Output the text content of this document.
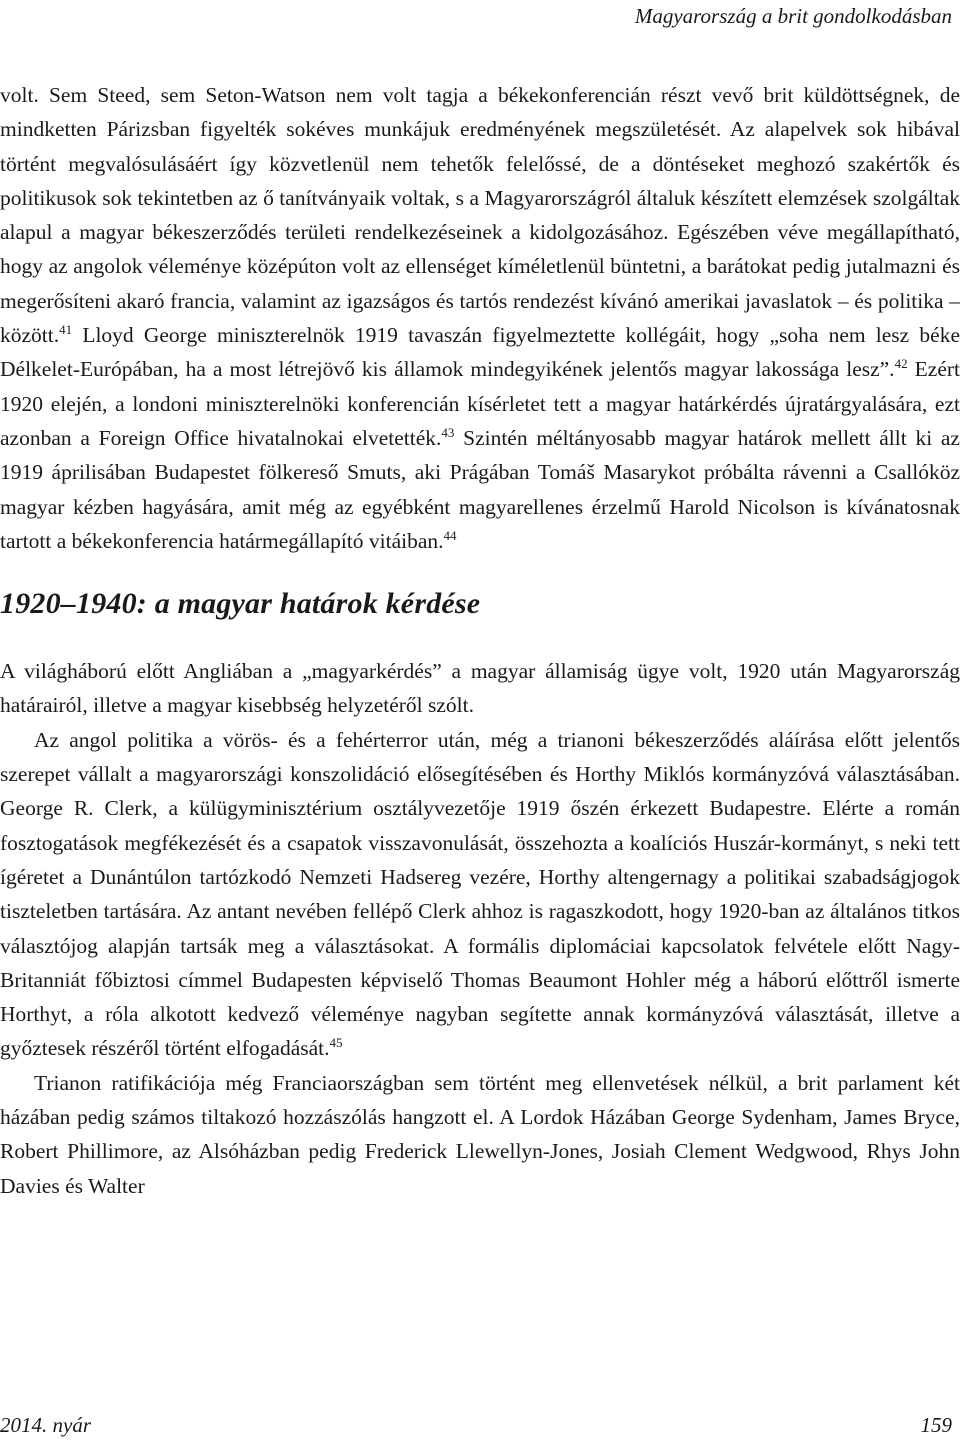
Magyarország a brit gondolkodásban

volt. Sem Steed, sem Seton-Watson nem volt tagja a békekonferencián részt vevő brit küldöttségnek, de mindketten Párizsban figyelték sokéves munkájuk eredményének megszületését. Az alapelvek sok hibával történt megvalósulásáért így közvetlenül nem tehetők felelőssé, de a döntéseket meghozó szakértők és politikusok sok tekintetben az ő tanítványaik voltak, s a Magyarországról általuk készített elemzések szolgáltak alapul a magyar békeszerződés területi rendelkezéseinek a kidolgozásához. Egészében véve megállapítható, hogy az angolok véleménye középúton volt az ellenséget kíméletlenül büntetni, a barátokat pedig jutalmazni és megerősíteni akaró francia, valamint az igazságos és tartós rendezést kívánó amerikai javaslatok – és politika – között.$^{41}$ Lloyd George miniszterelnök 1919 tavaszán figyelmeztette kollégáit, hogy „soha nem lesz béke Délkelet-Európában, ha a most létrejövő kis államok mindegyikének jelentős magyar lakossága lesz”.$^{42}$ Ezért 1920 elején, a londoni miniszterelnöki konferencián kísérletet tett a magyar határkérdés újratárgyalására, ezt azonban a Foreign Office hivatalnokai elvetették.$^{43}$ Szintén méltányosabb magyar határok mellett állt ki az 1919 áprilisában Budapestet fölkereső Smuts, aki Prágában Tomáš Masarykot próbálta rávenni a Csallóköz magyar kézben hagyására, amit még az egyébként magyarellenes érzelmű Harold Nicolson is kívánatosnak tartott a békekonferencia határmegállapító vitáiban.$^{44}$

1920–1940: a magyar határok kérdése

A világháború előtt Angliában a „magyarkérdés” a magyar államiság ügye volt, 1920 után Magyarország határairól, illetve a magyar kisebbség helyzetéről szólt.

Az angol politika a vörös- és a fehérterror után, még a trianoni békeszerződés aláírása előtt jelentős szerepet vállalt a magyarországi konszolidáció elősegítésében és Horthy Miklós kormányzóvá választásában. George R. Clerk, a külügyminisztérium osztályvezetője 1919 őszén érkezett Budapestre. Elérte a román fosztogatások megfékezését és a csapatok visszavonulását, összehozta a koalíciós Huszár-kormányt, s neki tett ígéretet a Dunántúlon tartózkodó Nemzeti Hadsereg vezére, Horthy altengernagy a politikai szabadságjogok tiszteletben tartására. Az antant nevében fellépő Clerk ahhoz is ragaszkodott, hogy 1920-ban az általános titkos választójog alapján tartsák meg a választásokat. A formális diplomáciai kapcsolatok felvétele előtt Nagy-Britanniát főbiztosi címmel Budapesten képviselő Thomas Beaumont Hohler még a háború előttről ismerte Horthyt, a róla alkotott kedvező véleménye nagyban segítette annak kormányzóvá választását, illetve a győztesek részéről történt elfogadását.$^{45}$

Trianon ratifikációja még Franciaországban sem történt meg ellenvetések nélkül, a brit parlament két házában pedig számos tiltakozó hozzászólás hangzott el. A Lordok Házában George Sydenham, James Bryce, Robert Phillimore, az Alsóházban pedig Frederick Llewellyn-Jones, Josiah Clement Wedgwood, Rhys John Davies és Walter

2014. nyár	159
